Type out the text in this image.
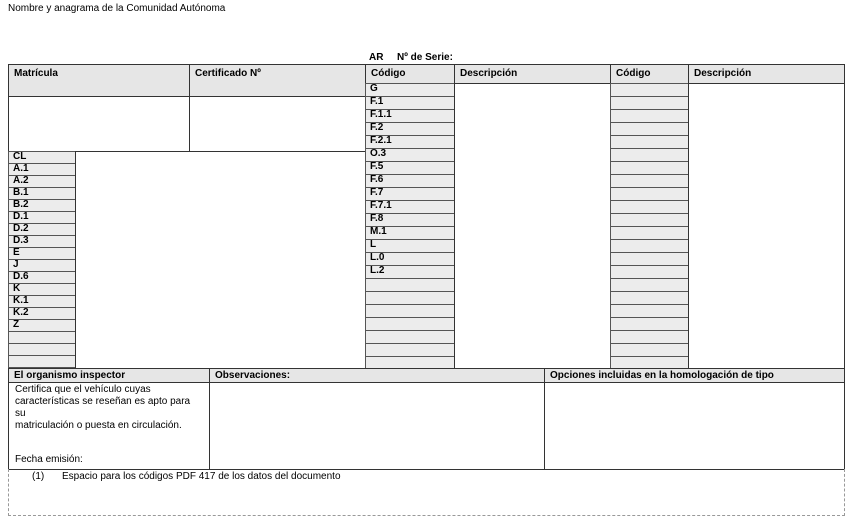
Nombre y anagrama de la Comunidad Autónoma
AR Nº de Serie:
Matrícula	Certificado Nº
CL
A.1
A.2
B.1
B.2
D.1
D.2
D.3
E
J
D.6
K
K.1
K.2
Z
Código	Descripción
G
F.1
F.1.1
F.2
F.2.1
O.3
F.5
F.6
F.7
F.7.1
F.8
M.1
L
L.0
L.2
Código	Descripción
El organismo inspector	Observaciones:	Opciones incluidas en la homologación de tipo
Certifica que el vehículo cuyas
características se reseñan es apto para su
matriculación o puesta en circulación.
Fecha emisión:
(1) Espacio para los códigos PDF 417 de los datos del documento
